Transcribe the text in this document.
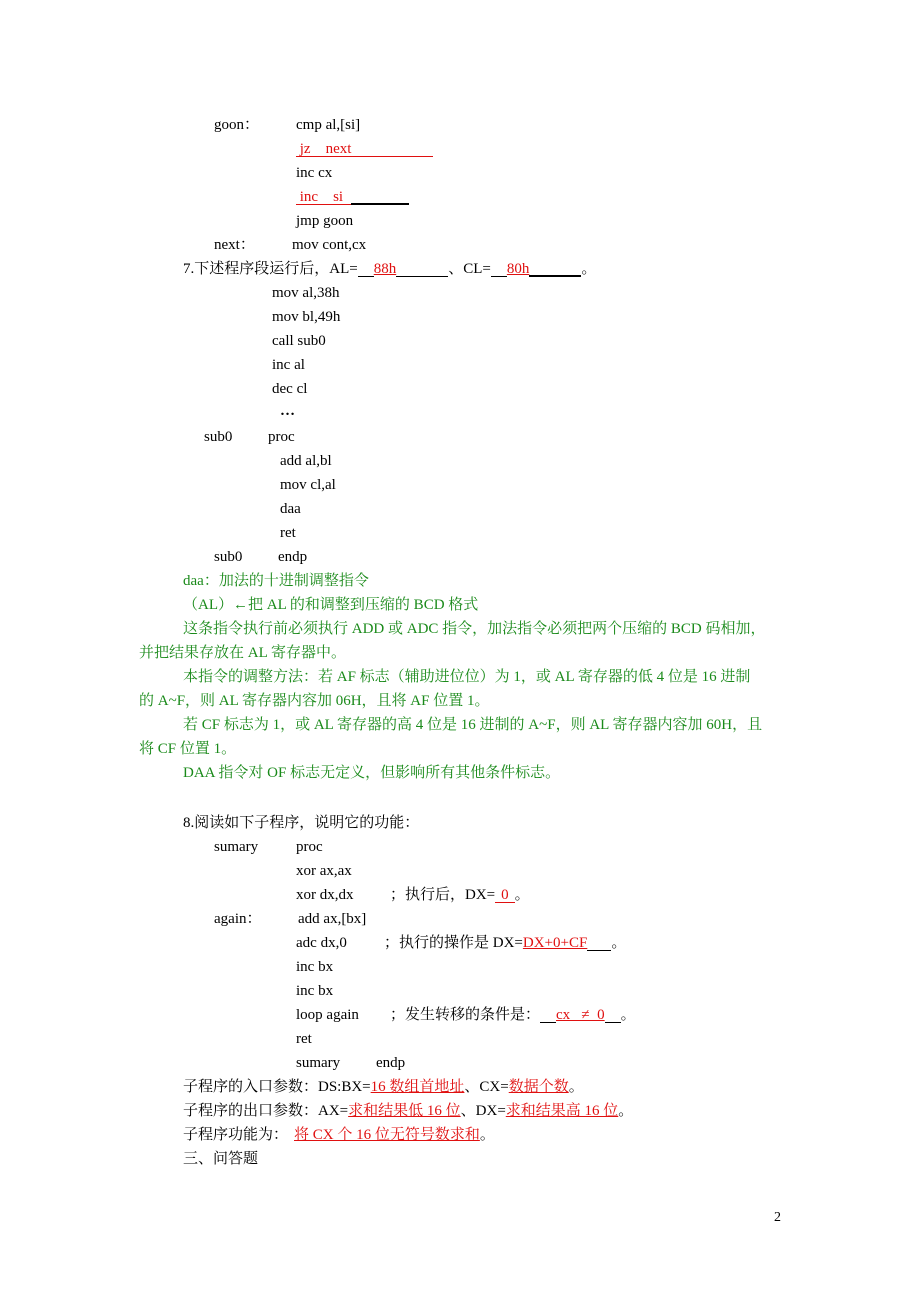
goon： cmp al,[si]
jz    next
inc cx
inc    si
jmp goon
next： mov cont,cx
7.下述程序段运行后，AL= 88h	、CL= 80h	。
mov al,38h
mov bl,49h
call sub0
inc al
dec cl
…
sub0 proc
add al,bl
mov cl,al
daa
ret
sub0 endp
daa：加法的十进制调整指令
（AL）←把 AL 的和调整到压缩的 BCD 格式
这条指令执行前必须执行 ADD 或 ADC 指令，加法指令必须把两个压缩的 BCD 码相加，
并把结果存放在 AL 寄存器中。
本指令的调整方法：若 AF 标志（辅助进位位）为 1，或 AL 寄存器的低 4 位是 16 进制
的 A~F，则 AL 寄存器内容加 06H，且将 AF 位置 1。
若 CF 标志为 1，或 AL 寄存器的高 4 位是 16 进制的 A~F，则 AL 寄存器内容加 60H，且
将 CF 位置 1。
DAA 指令对 OF 标志无定义，但影响所有其他条件标志。
8.阅读如下子程序，说明它的功能：
sumary	proc
xor ax,ax
xor dx,dx ；执行后，DX= 0 。
again： add ax,[bx]
adc dx,0 ；执行的操作是 DX=DX+0+CF 。
inc bx
inc bx
loop again ；发生转移的条件是： cx   ≠  0 。
ret
sumary endp
子程序的入口参数：DS:BX=16 数组首地址、CX=数据个数。
子程序的出口参数：AX=求和结果低 16 位、DX=求和结果高 16 位。
子程序功能为： 将 CX 个 16 位无符号数求和。
三、问答题
2
